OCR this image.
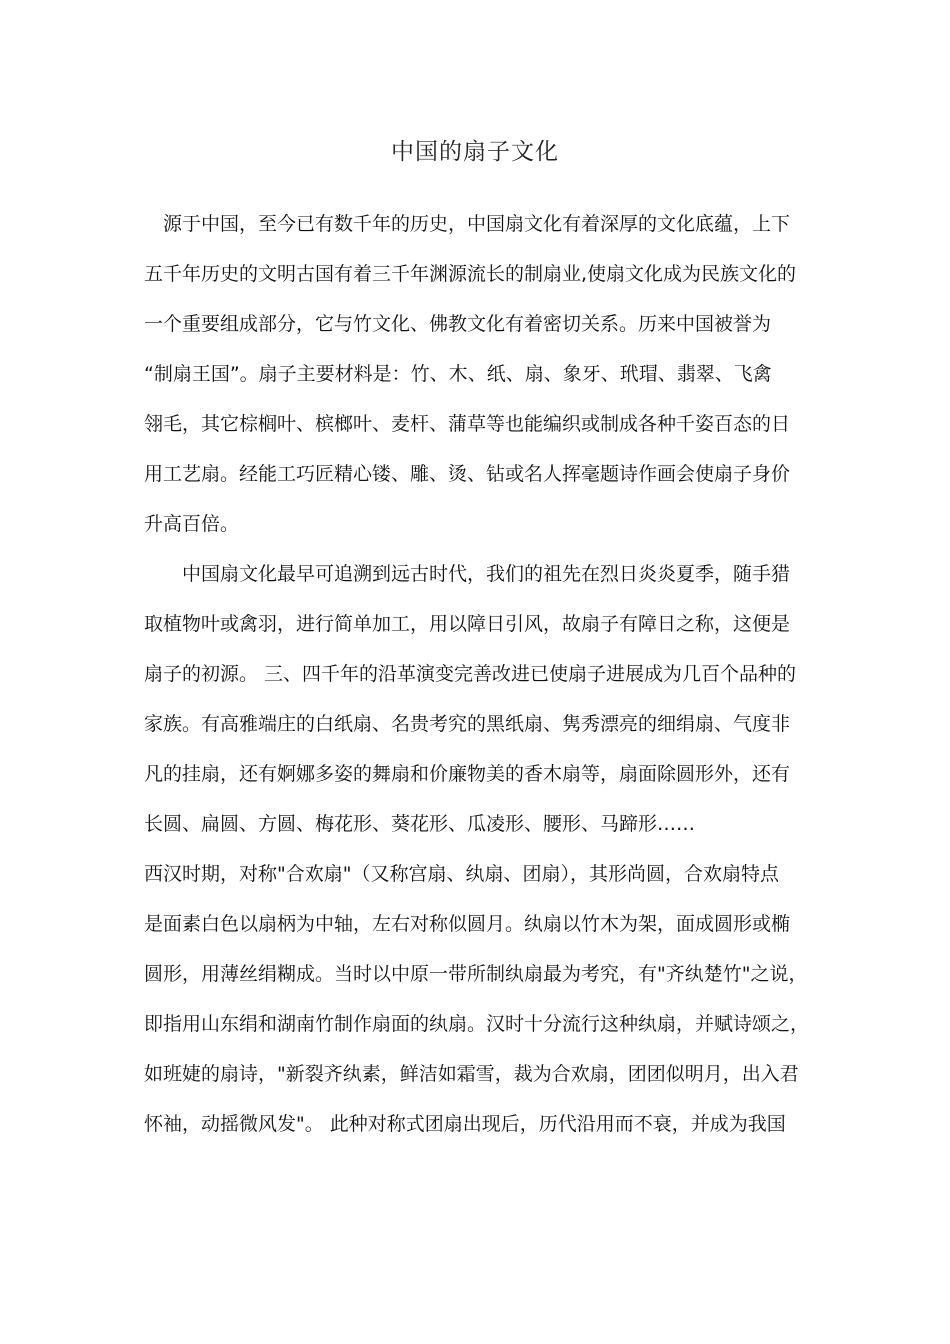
中国的扇子文化
　源于中国，至今已有数千年的历史，中国扇文化有着深厚的文化底蕴，上下
五千年历史的文明古国有着三千年渊源流长的制扇业,使扇文化成为民族文化的
一个重要组成部分，它与竹文化、佛教文化有着密切关系。历来中国被誉为
“制扇王国”。扇子主要材料是：竹、木、纸、扇、象牙、玳瑁、翡翠、飞禽
翎毛，其它棕榈叶、槟榔叶、麦杆、蒲草等也能编织或制成各种千姿百态的日
用工艺扇。经能工巧匠精心镂、雕、烫、钻或名人挥毫题诗作画会使扇子身价
升高百倍。
　　中国扇文化最早可追溯到远古时代，我们的祖先在烈日炎炎夏季，随手猎
取植物叶或禽羽，进行简单加工，用以障日引风，故扇子有障日之称，这便是
扇子的初源。 三、四千年的沿革演变完善改进已使扇子进展成为几百个品种的
家族。有高雅端庄的白纸扇、名贵考究的黑纸扇、隽秀漂亮的细绢扇、气度非
凡的挂扇，还有婀娜多姿的舞扇和价廉物美的香木扇等，扇面除圆形外，还有
长圆、扁圆、方圆、梅花形、葵花形、瓜凌形、腰形、马蹄形……
西汉时期，对称"合欢扇"（又称宫扇、纨扇、团扇），其形尚圆，合欢扇特点
是面素白色以扇柄为中轴，左右对称似圆月。纨扇以竹木为架，面成圆形或椭
圆形，用薄丝绢糊成。当时以中原一带所制纨扇最为考究，有"齐纨楚竹"之说，
即指用山东绢和湖南竹制作扇面的纨扇。汉时十分流行这种纨扇，并赋诗颂之，
如班婕的扇诗，"新裂齐纨素，鲜洁如霜雪，裁为合欢扇，团团似明月，出入君
怀袖，动摇微风发"。 此种对称式团扇出现后，历代沿用而不衰，并成为我国
